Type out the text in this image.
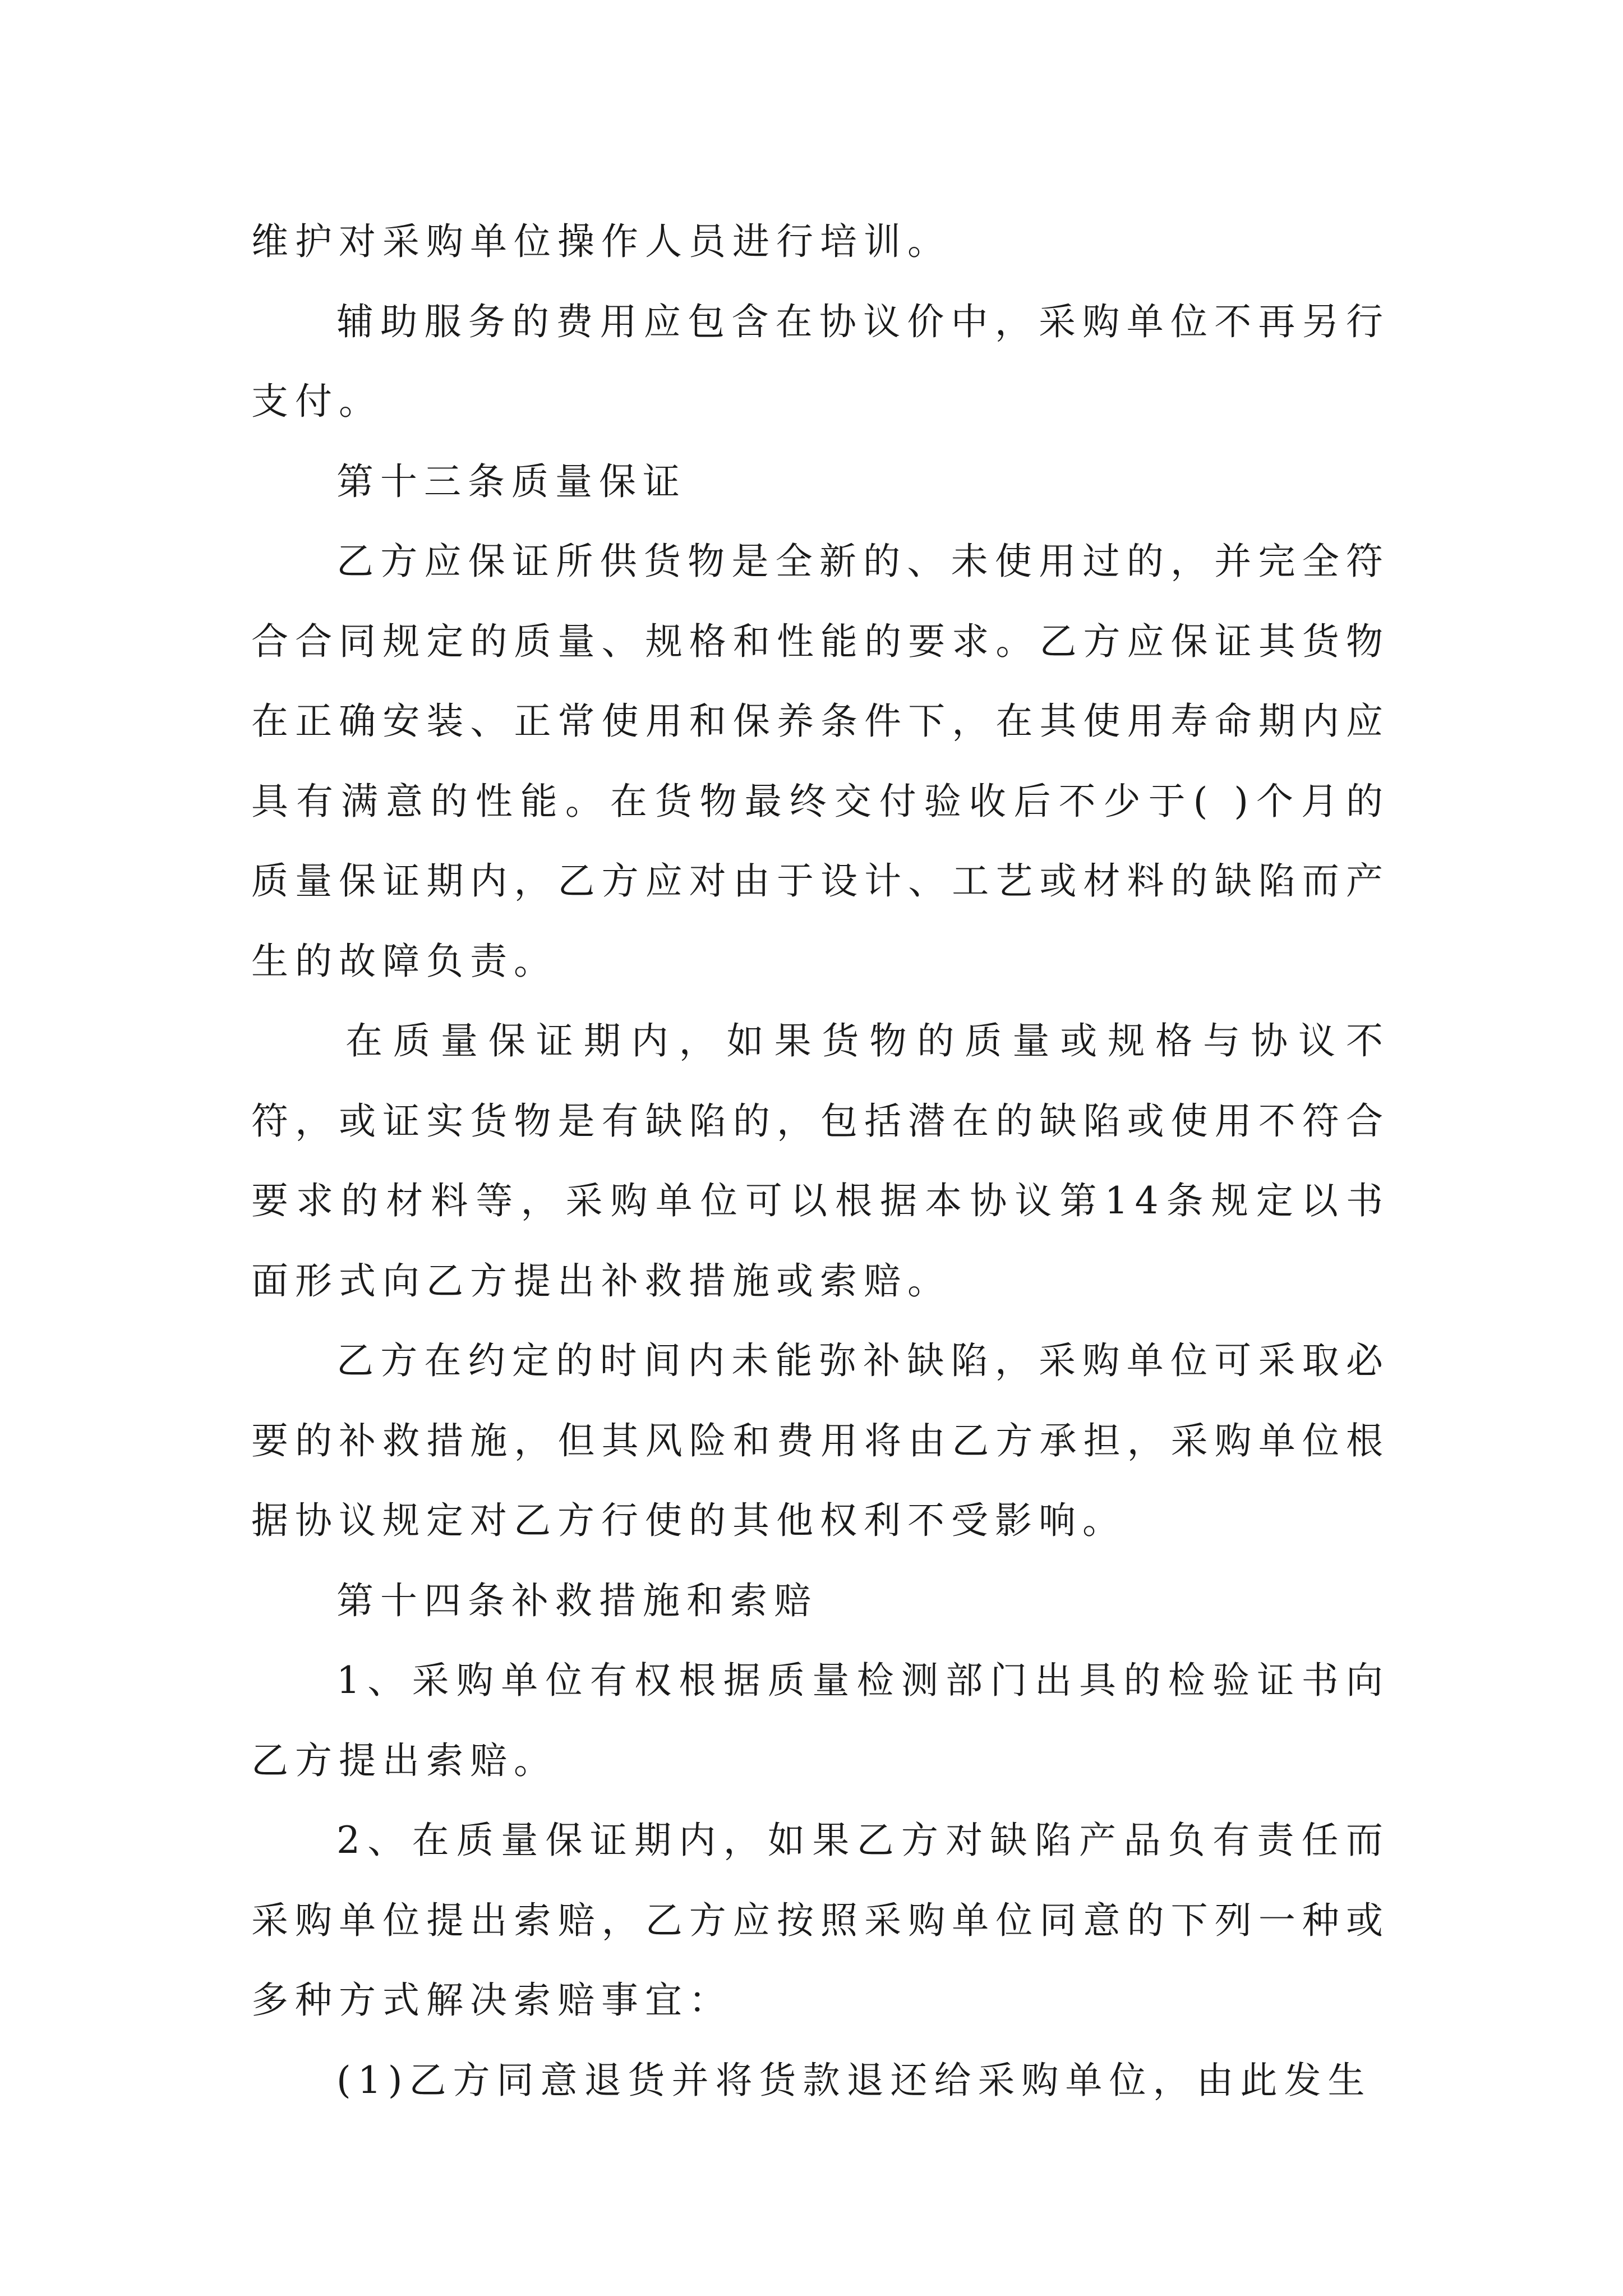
维护对采购单位操作人员进行培训。

辅助服务的费用应包含在协议价中，采购单位不再另行支付。

第十三条质量保证

乙方应保证所供货物是全新的、未使用过的，并完全符合合同规定的质量、规格和性能的要求。乙方应保证其货物在正确安装、正常使用和保养条件下，在其使用寿命期内应具有满意的性能。在货物最终交付验收后不少于( )个月的质量保证期内，乙方应对由于设计、工艺或材料的缺陷而产生的故障负责。

在质量保证期内，如果货物的质量或规格与协议不符，或证实货物是有缺陷的，包括潜在的缺陷或使用不符合要求的材料等，采购单位可以根据本协议第14条规定以书面形式向乙方提出补救措施或索赔。

乙方在约定的时间内未能弥补缺陷，采购单位可采取必要的补救措施，但其风险和费用将由乙方承担，采购单位根据协议规定对乙方行使的其他权利不受影响。

第十四条补救措施和索赔

1、采购单位有权根据质量检测部门出具的检验证书向乙方提出索赔。

2、在质量保证期内，如果乙方对缺陷产品负有责任而采购单位提出索赔，乙方应按照采购单位同意的下列一种或多种方式解决索赔事宜：

(1)乙方同意退货并将货款退还给采购单位，由此发生
